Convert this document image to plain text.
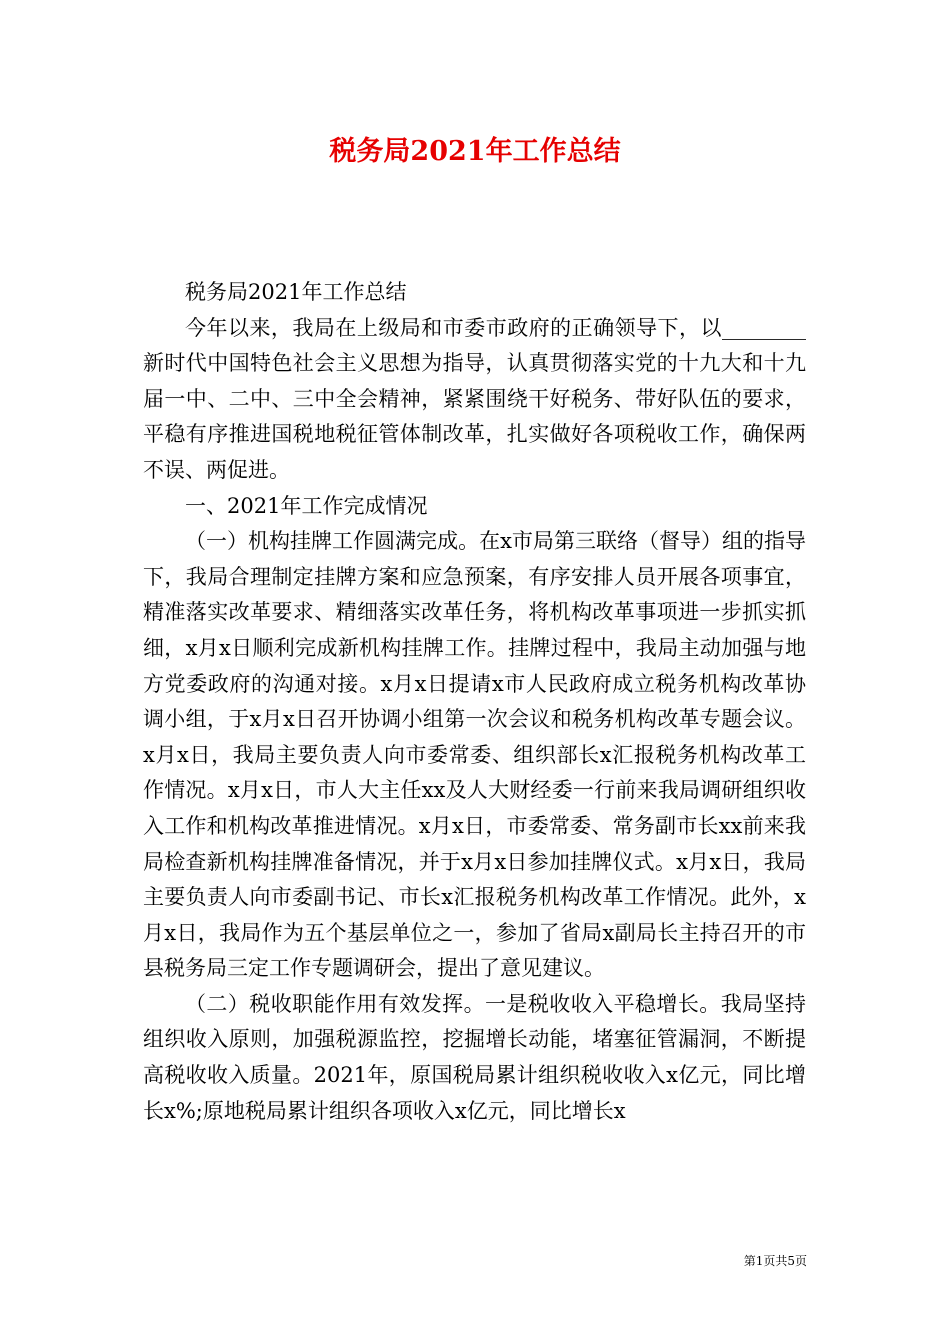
税务局2021年工作总结

税务局2021年工作总结

今年以来，我局在上级局和市委市政府的正确领导下，以________新时代中国特色社会主义思想为指导，认真贯彻落实党的十九大和十九届一中、二中、三中全会精神，紧紧围绕干好税务、带好队伍的要求，平稳有序推进国税地税征管体制改革，扎实做好各项税收工作，确保两不误、两促进。

一、2021年工作完成情况

（一）机构挂牌工作圆满完成。在x市局第三联络（督导）组的指导下，我局合理制定挂牌方案和应急预案，有序安排人员开展各项事宜，精准落实改革要求、精细落实改革任务，将机构改革事项进一步抓实抓细，x月x日顺利完成新机构挂牌工作。挂牌过程中，我局主动加强与地方党委政府的沟通对接。x月x日提请x市人民政府成立税务机构改革协调小组，于x月x日召开协调小组第一次会议和税务机构改革专题会议。x月x日，我局主要负责人向市委常委、组织部长x汇报税务机构改革工作情况。x月x日，市人大主任xx及人大财经委一行前来我局调研组织收入工作和机构改革推进情况。x月x日，市委常委、常务副市长xx前来我局检查新机构挂牌准备情况，并于x月x日参加挂牌仪式。x月x日，我局主要负责人向市委副书记、市长x汇报税务机构改革工作情况。此外，x月x日，我局作为五个基层单位之一，参加了省局x副局长主持召开的市县税务局三定工作专题调研会，提出了意见建议。

（二）税收职能作用有效发挥。一是税收收入平稳增长。我局坚持组织收入原则，加强税源监控，挖掘增长动能，堵塞征管漏洞，不断提高税收收入质量。2021年，原国税局累计组织税收收入x亿元，同比增长x%;原地税局累计组织各项收入x亿元，同比增长x

第1页共5页
